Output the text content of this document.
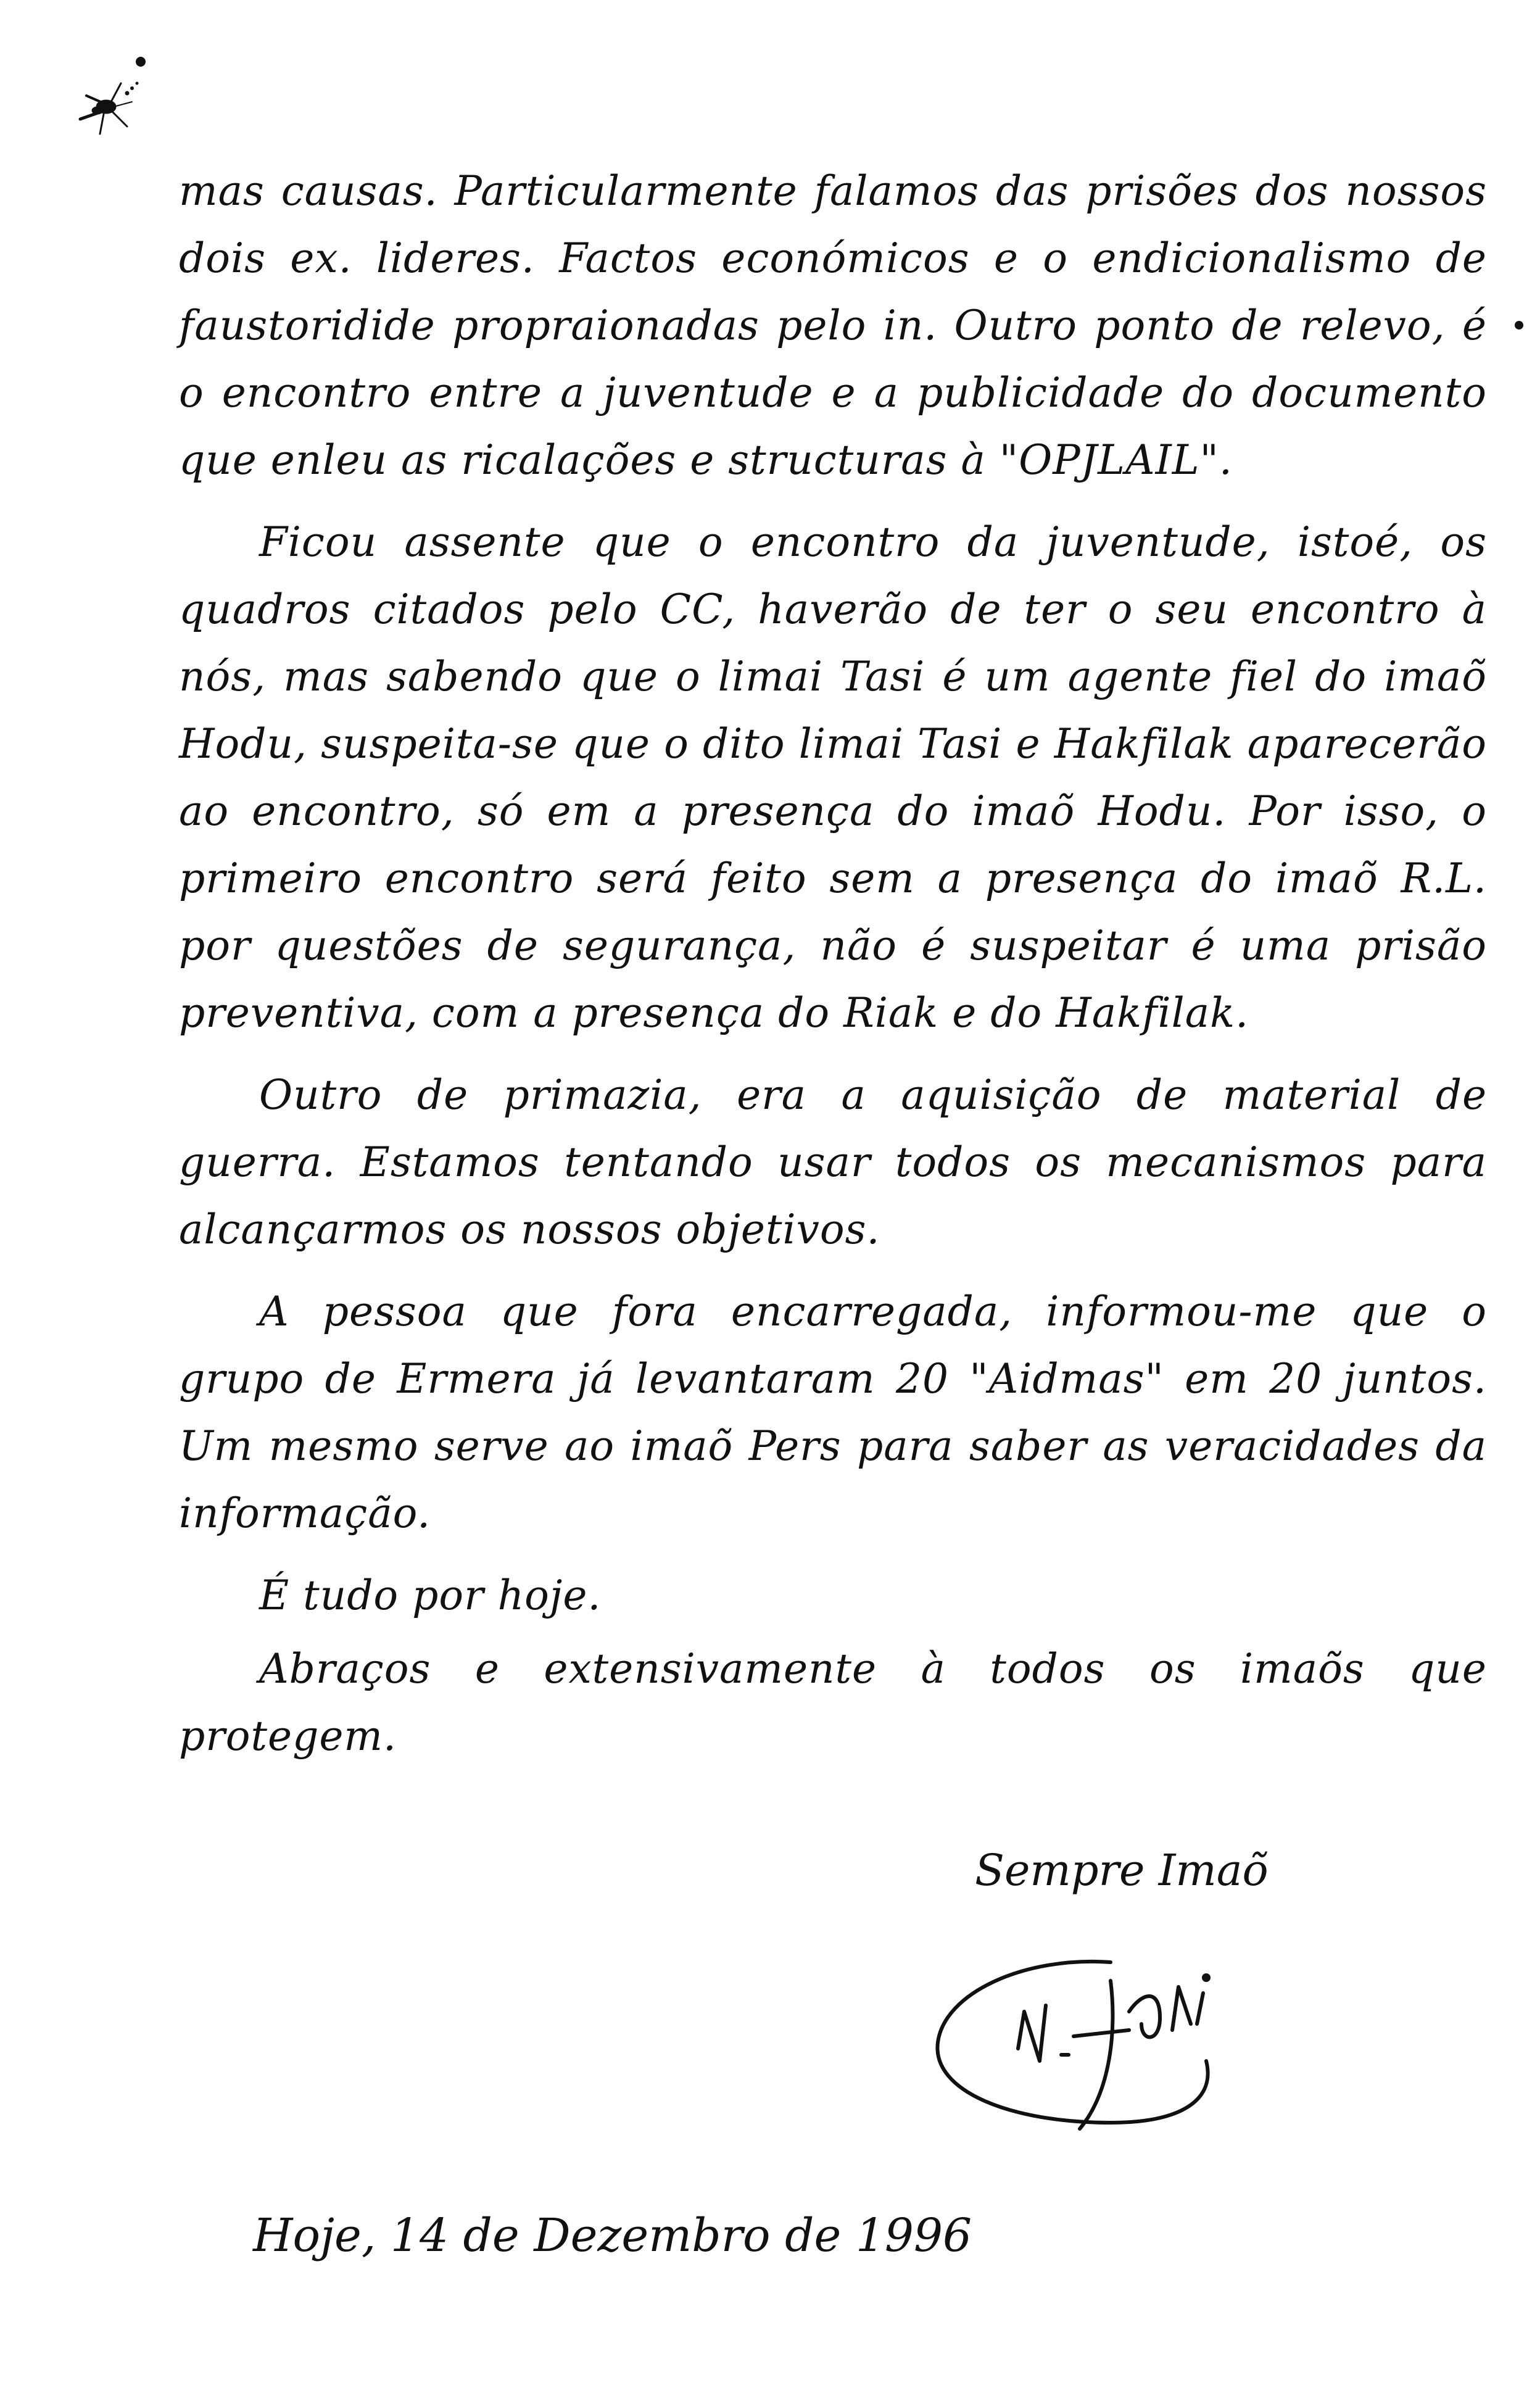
mas causas. Particularmente falamos das prisões dos nossos dois ex. lideres. Factos económicos e o endicionalismo de faustoridide propraionadas pelo in. Outro ponto de relevo, é o encontro entre a juventude e a publicidade do documento que enleu as ricalações e structuras à "OPJLAIL".

Ficou assente que o encontro da juventude, istoé, os quadros citados pelo CC, haverão de ter o seu encontro à nós, mas sabendo que o limai Tasi é um agente fiel do imaõ Hodu, suspeita-se que o dito limai Tasi e Hakfilak aparecerão ao encontro, só em a presença do imaõ Hodu. Por isso, o primeiro encontro será feito sem a presença do imaõ R.L. por questões de segurança, não é suspeitar é uma prisão preventiva, com a presença do Riak e do Hakfilak.

Outro de primazia, era a aquisição de material de guerra. Estamos tentando usar todos os mecanismos para alcançarmos os nossos objetivos.

A pessoa que fora encarregada, informou-me que o grupo de Ermera já levantaram 20 "Aidmas" em 20 juntos. Um mesmo serve ao imaõ Pers para saber as veracidades da informação.

É tudo por hoje.

Abraços e extensivamente à todos os imaõs que protegem.

Sempre Imaõ
Hoje, 14 de Dezembro de 1996
